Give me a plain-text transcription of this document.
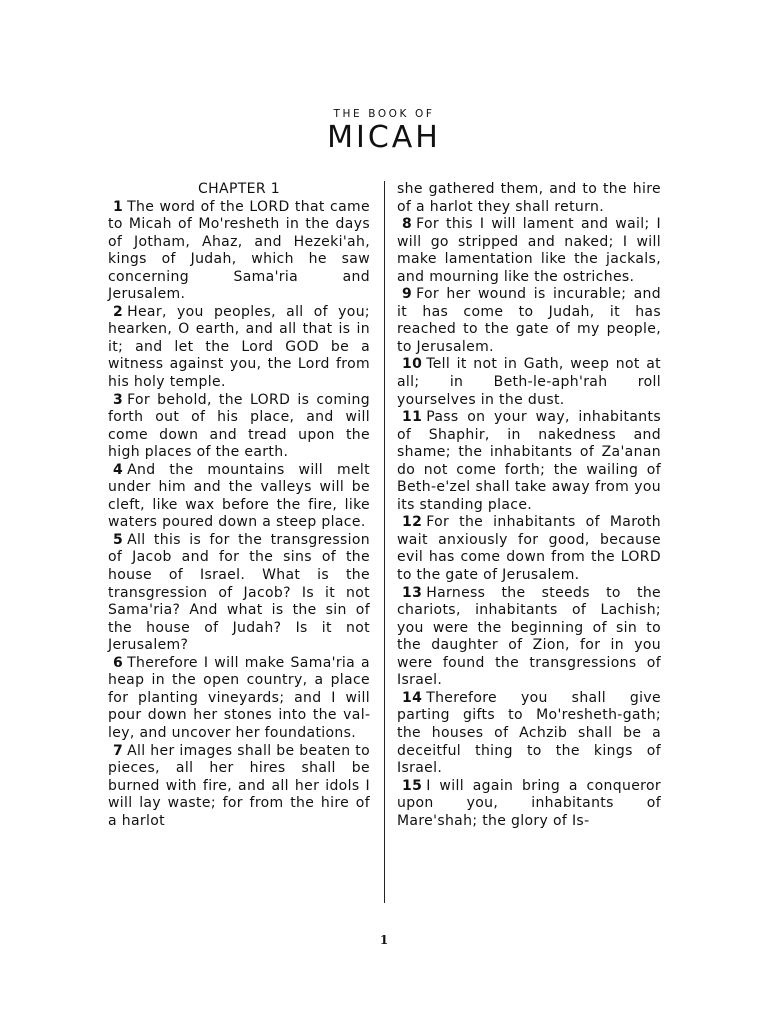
THE BOOK OF
MICAH
CHAPTER 1

1 The word of the LORD that came to Micah of Mo'resheth in the days of Jotham, Ahaz, and Hezeki'ah, kings of Judah, which he saw concerning Sama'ria and Jerusalem.

2 Hear, you peoples, all of you; hearken, O earth, and all that is in it; and let the Lord GOD be a witness against you, the Lord from his holy temple.

3 For behold, the LORD is coming forth out of his place, and will come down and tread upon the high places of the earth.

4 And the mountains will melt under him and the valleys will be cleft, like wax before the fire, like waters poured down a steep place.

5 All this is for the transgression of Jacob and for the sins of the house of Israel. What is the transgression of Jacob? Is it not Sama'ria? And what is the sin of the house of Judah? Is it not Jerusalem?

6 Therefore I will make Sama'ria a heap in the open country, a place for planting vineyards; and I will pour down her stones into the valley, and uncover her foundations.

7 All her images shall be beaten to pieces, all her hires shall be burned with fire, and all her idols I will lay waste; for from the hire of a harlot

she gathered them, and to the hire of a harlot they shall return.

8 For this I will lament and wail; I will go stripped and naked; I will make lamentation like the jackals, and mourning like the ostriches.

9 For her wound is incurable; and it has come to Judah, it has reached to the gate of my people, to Jerusalem.

10 Tell it not in Gath, weep not at all; in Beth-le-aph'rah roll yourselves in the dust.

11 Pass on your way, inhabitants of Shaphir, in nakedness and shame; the inhabitants of Za'anan do not come forth; the wailing of Beth-e'zel shall take away from you its standing place.

12 For the inhabitants of Maroth wait anxiously for good, because evil has come down from the LORD to the gate of Jerusalem.

13 Harness the steeds to the chariots, inhabitants of Lachish; you were the beginning of sin to the daughter of Zion, for in you were found the transgressions of Israel.

14 Therefore you shall give parting gifts to Mo'resheth-gath; the houses of Achzib shall be a deceitful thing to the kings of Israel.

15 I will again bring a conqueror upon you, inhabitants of Mare'shah; the glory of Is-

1
